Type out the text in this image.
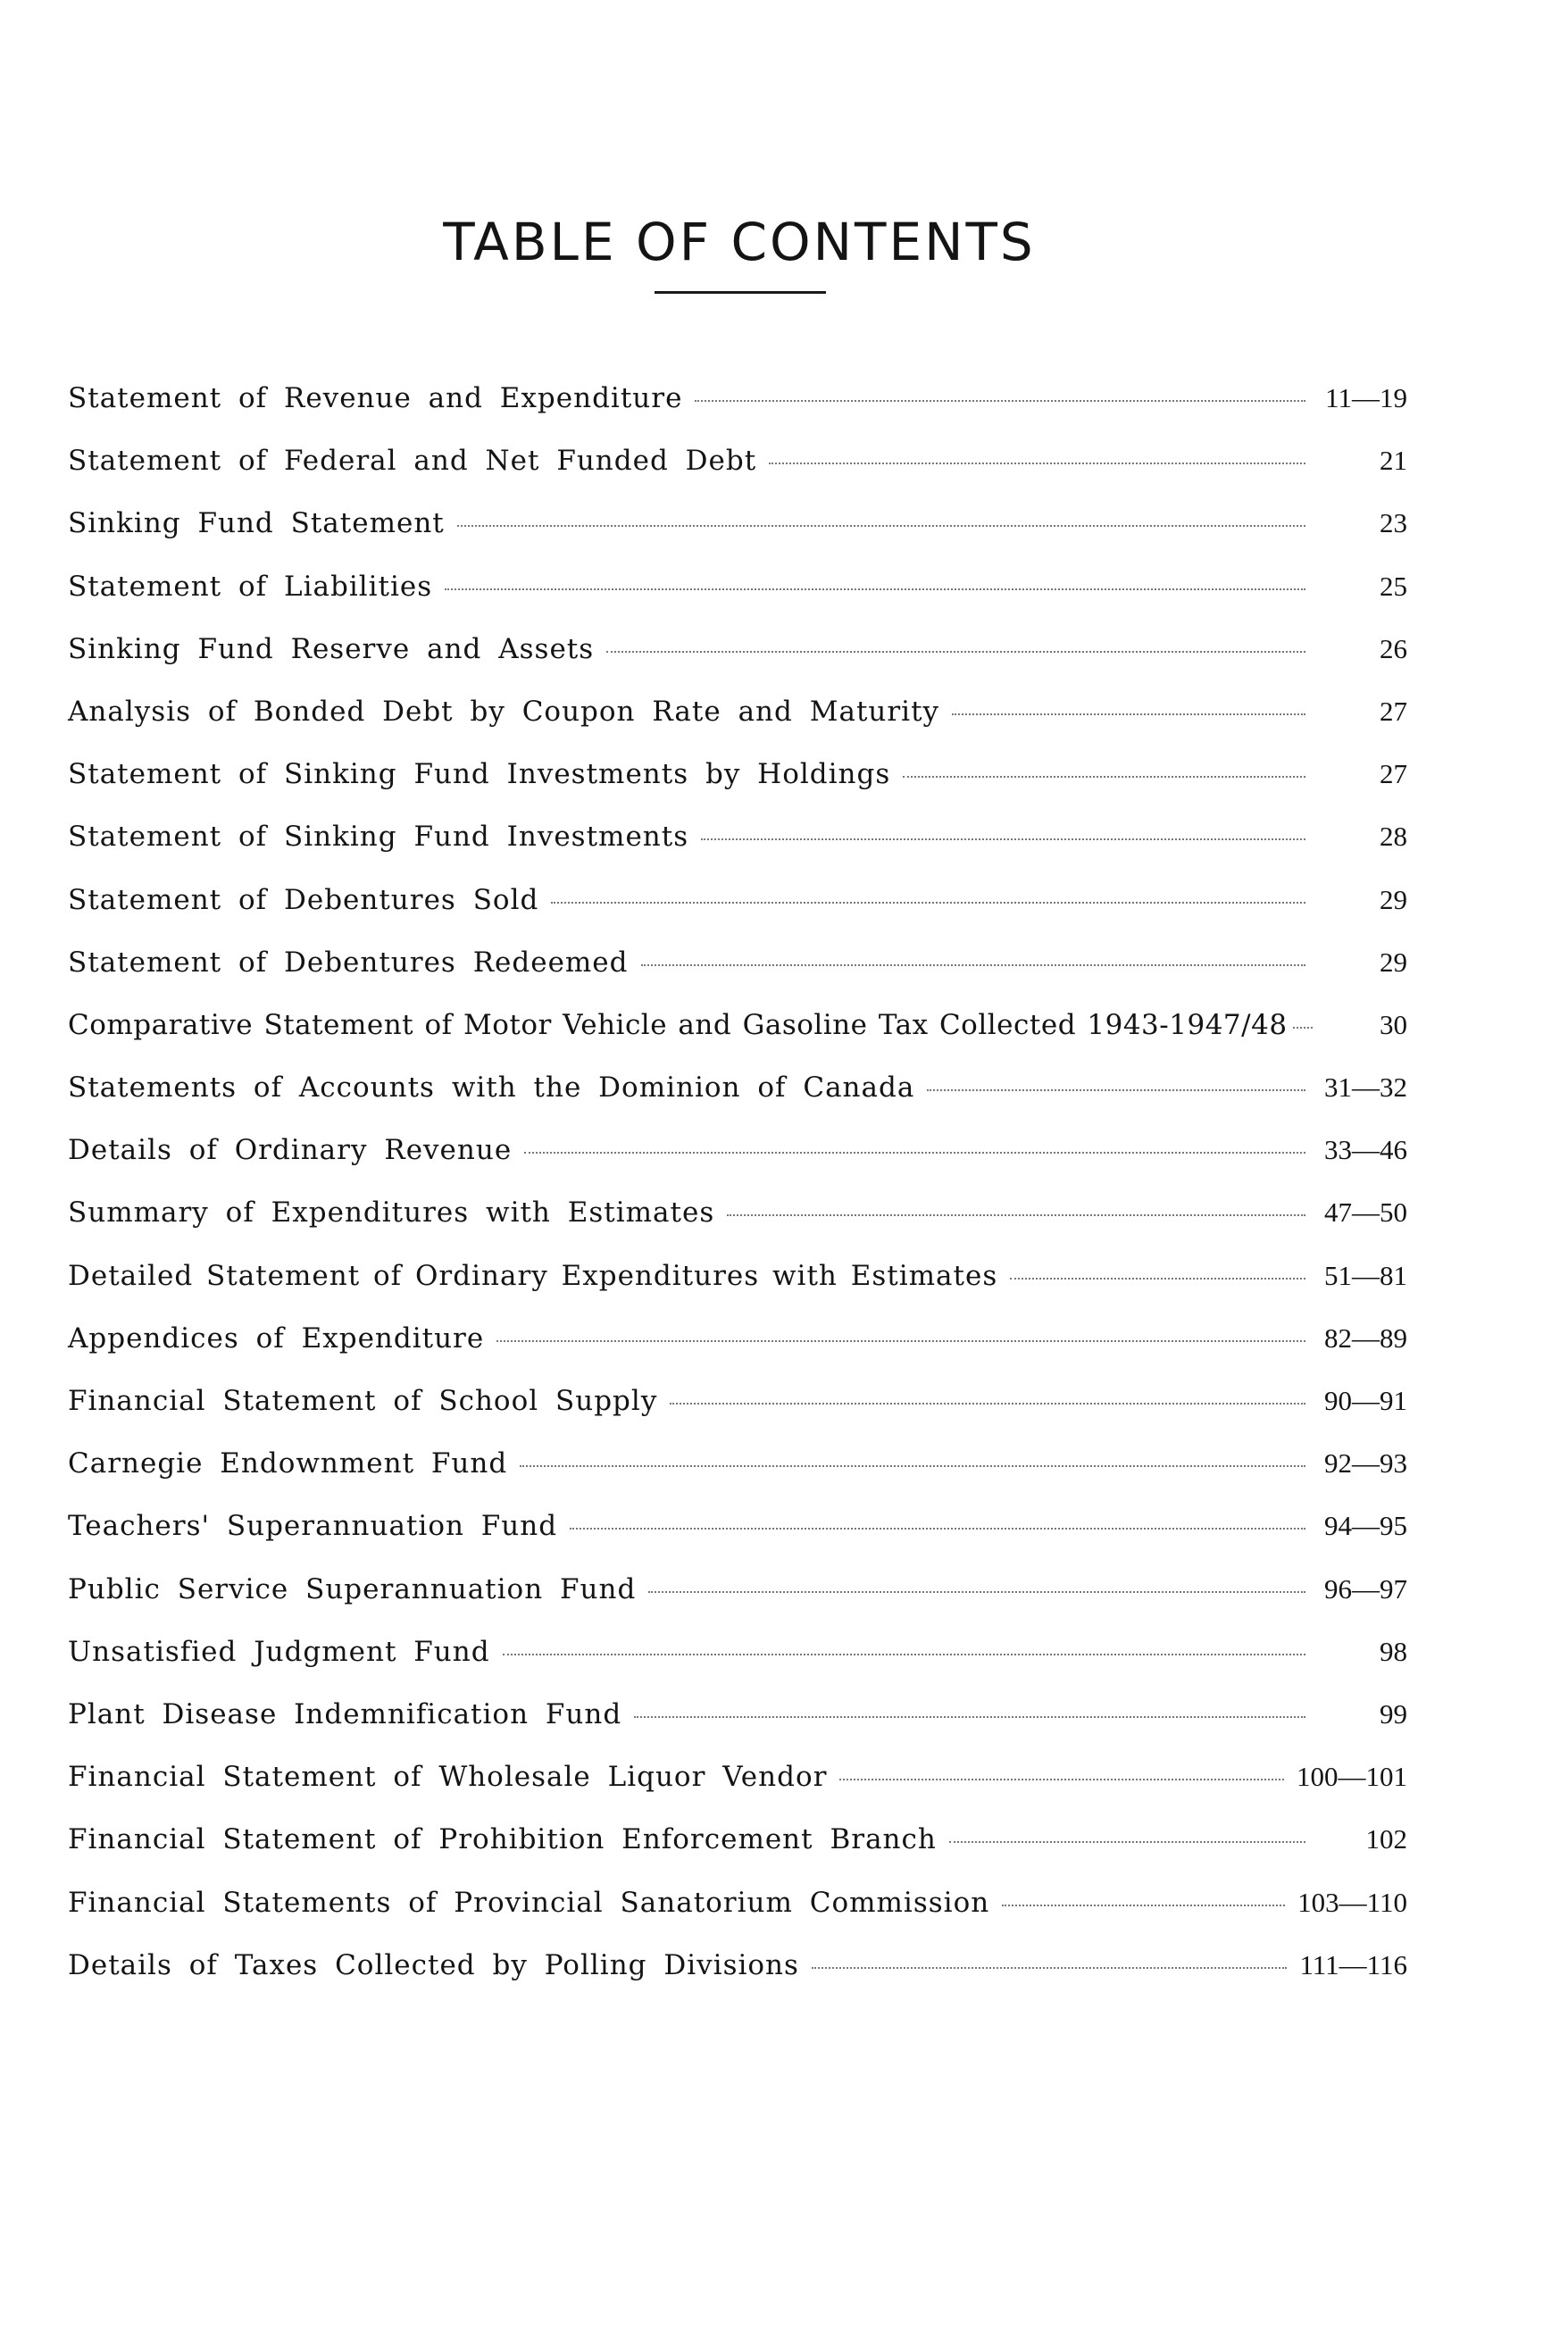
TABLE OF CONTENTS
Statement of Revenue and Expenditure	11—19
Statement of Federal and Net Funded Debt	21
Sinking Fund Statement	23
Statement of Liabilities	25
Sinking Fund Reserve and Assets	26
Analysis of Bonded Debt by Coupon Rate and Maturity	27
Statement of Sinking Fund Investments by Holdings	27
Statement of Sinking Fund Investments	28
Statement of Debentures Sold	29
Statement of Debentures Redeemed	29
Comparative Statement of Motor Vehicle and Gasoline Tax Collected 1943-1947/48	30
Statements of Accounts with the Dominion of Canada	31—32
Details of Ordinary Revenue	33—46
Summary of Expenditures with Estimates	47—50
Detailed Statement of Ordinary Expenditures with Estimates	51—81
Appendices of Expenditure	82—89
Financial Statement of School Supply	90—91
Carnegie Endownment Fund	92—93
Teachers' Superannuation Fund	94—95
Public Service Superannuation Fund	96—97
Unsatisfied Judgment Fund	98
Plant Disease Indemnification Fund	99
Financial Statement of Wholesale Liquor Vendor	100—101
Financial Statement of Prohibition Enforcement Branch	102
Financial Statements of Provincial Sanatorium Commission	103—110
Details of Taxes Collected by Polling Divisions	111—116
